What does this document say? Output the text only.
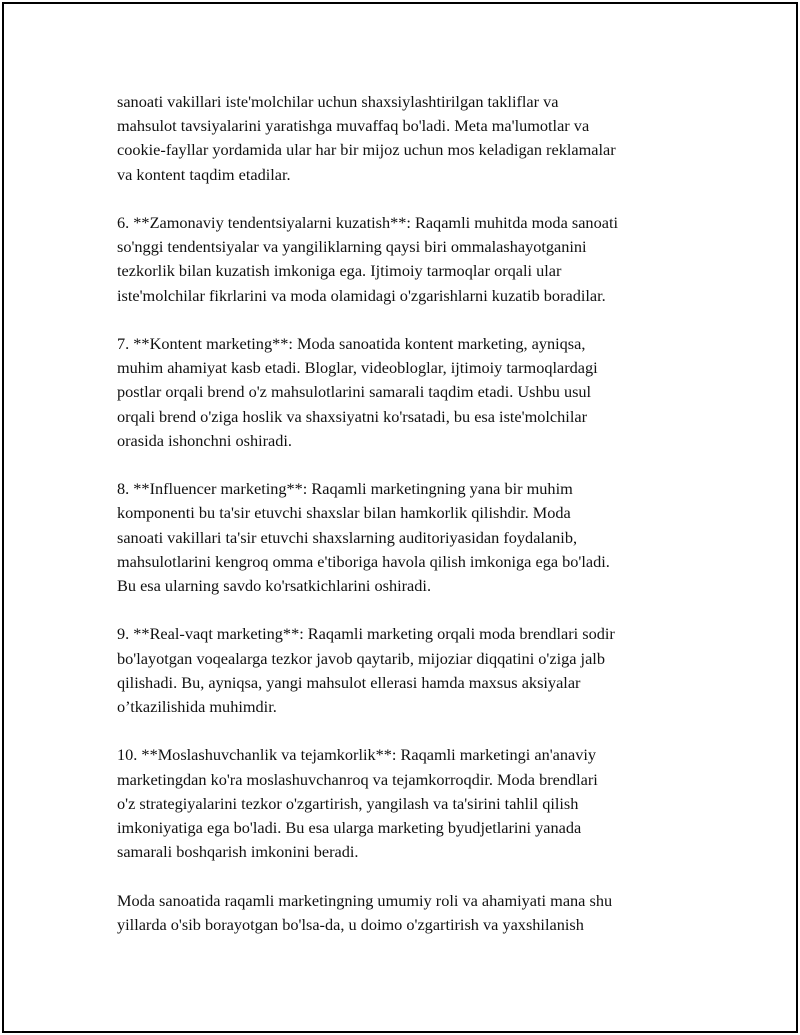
sanoati vakillari iste'molchilar uchun shaxsiylashtirilgan takliflar va
mahsulot tavsiyalarini yaratishga muvaffaq bo'ladi. Meta ma'lumotlar va
cookie-fayllar yordamida ular har bir mijoz uchun mos keladigan reklamalar
va kontent taqdim etadilar.

6. **Zamonaviy tendentsiyalarni kuzatish**: Raqamli muhitda moda sanoati
so'nggi tendentsiyalar va yangiliklarning qaysi biri ommalashayotganini
tezkorlik bilan kuzatish imkoniga ega. Ijtimoiy tarmoqlar orqali ular
iste'molchilar fikrlarini va moda olamidagi o'zgarishlarni kuzatib boradilar.

7. **Kontent marketing**: Moda sanoatida kontent marketing, ayniqsa,
muhim ahamiyat kasb etadi. Bloglar, videobloglar, ijtimoiy tarmoqlardagi
postlar orqali brend o'z mahsulotlarini samarali taqdim etadi. Ushbu usul
orqali brend o'ziga hoslik va shaxsiyatni ko'rsatadi, bu esa iste'molchilar
orasida ishonchni oshiradi.

8. **Influencer marketing**: Raqamli marketingning yana bir muhim
komponenti bu ta'sir etuvchi shaxslar bilan hamkorlik qilishdir. Moda
sanoati vakillari ta'sir etuvchi shaxslarning auditoriyasidan foydalanib,
mahsulotlarini kengroq omma e'tiboriga havola qilish imkoniga ega bo'ladi.
Bu esa ularning savdo ko'rsatkichlarini oshiradi.

9. **Real-vaqt marketing**: Raqamli marketing orqali moda brendlari sodir
bo'layotgan voqealarga tezkor javob qaytarib, mijoziar diqqatini o'ziga jalb
qilishadi. Bu, ayniqsa, yangi mahsulot ellerasi hamda maxsus aksiyalar
o’tkazilishida muhimdir.

10. **Moslashuvchanlik va tejamkorlik**: Raqamli marketingi an'anaviy
marketingdan ko'ra moslashuvchanroq va tejamkorroqdir. Moda brendlari
o'z strategiyalarini tezkor o'zgartirish, yangilash va ta'sirini tahlil qilish
imkoniyatiga ega bo'ladi. Bu esa ularga marketing byudjetlarini yanada
samarali boshqarish imkonini beradi.

Moda sanoatida raqamli marketingning umumiy roli va ahamiyati mana shu
yillarda o'sib borayotgan bo'lsa-da, u doimo o'zgartirish va yaxshilanish
